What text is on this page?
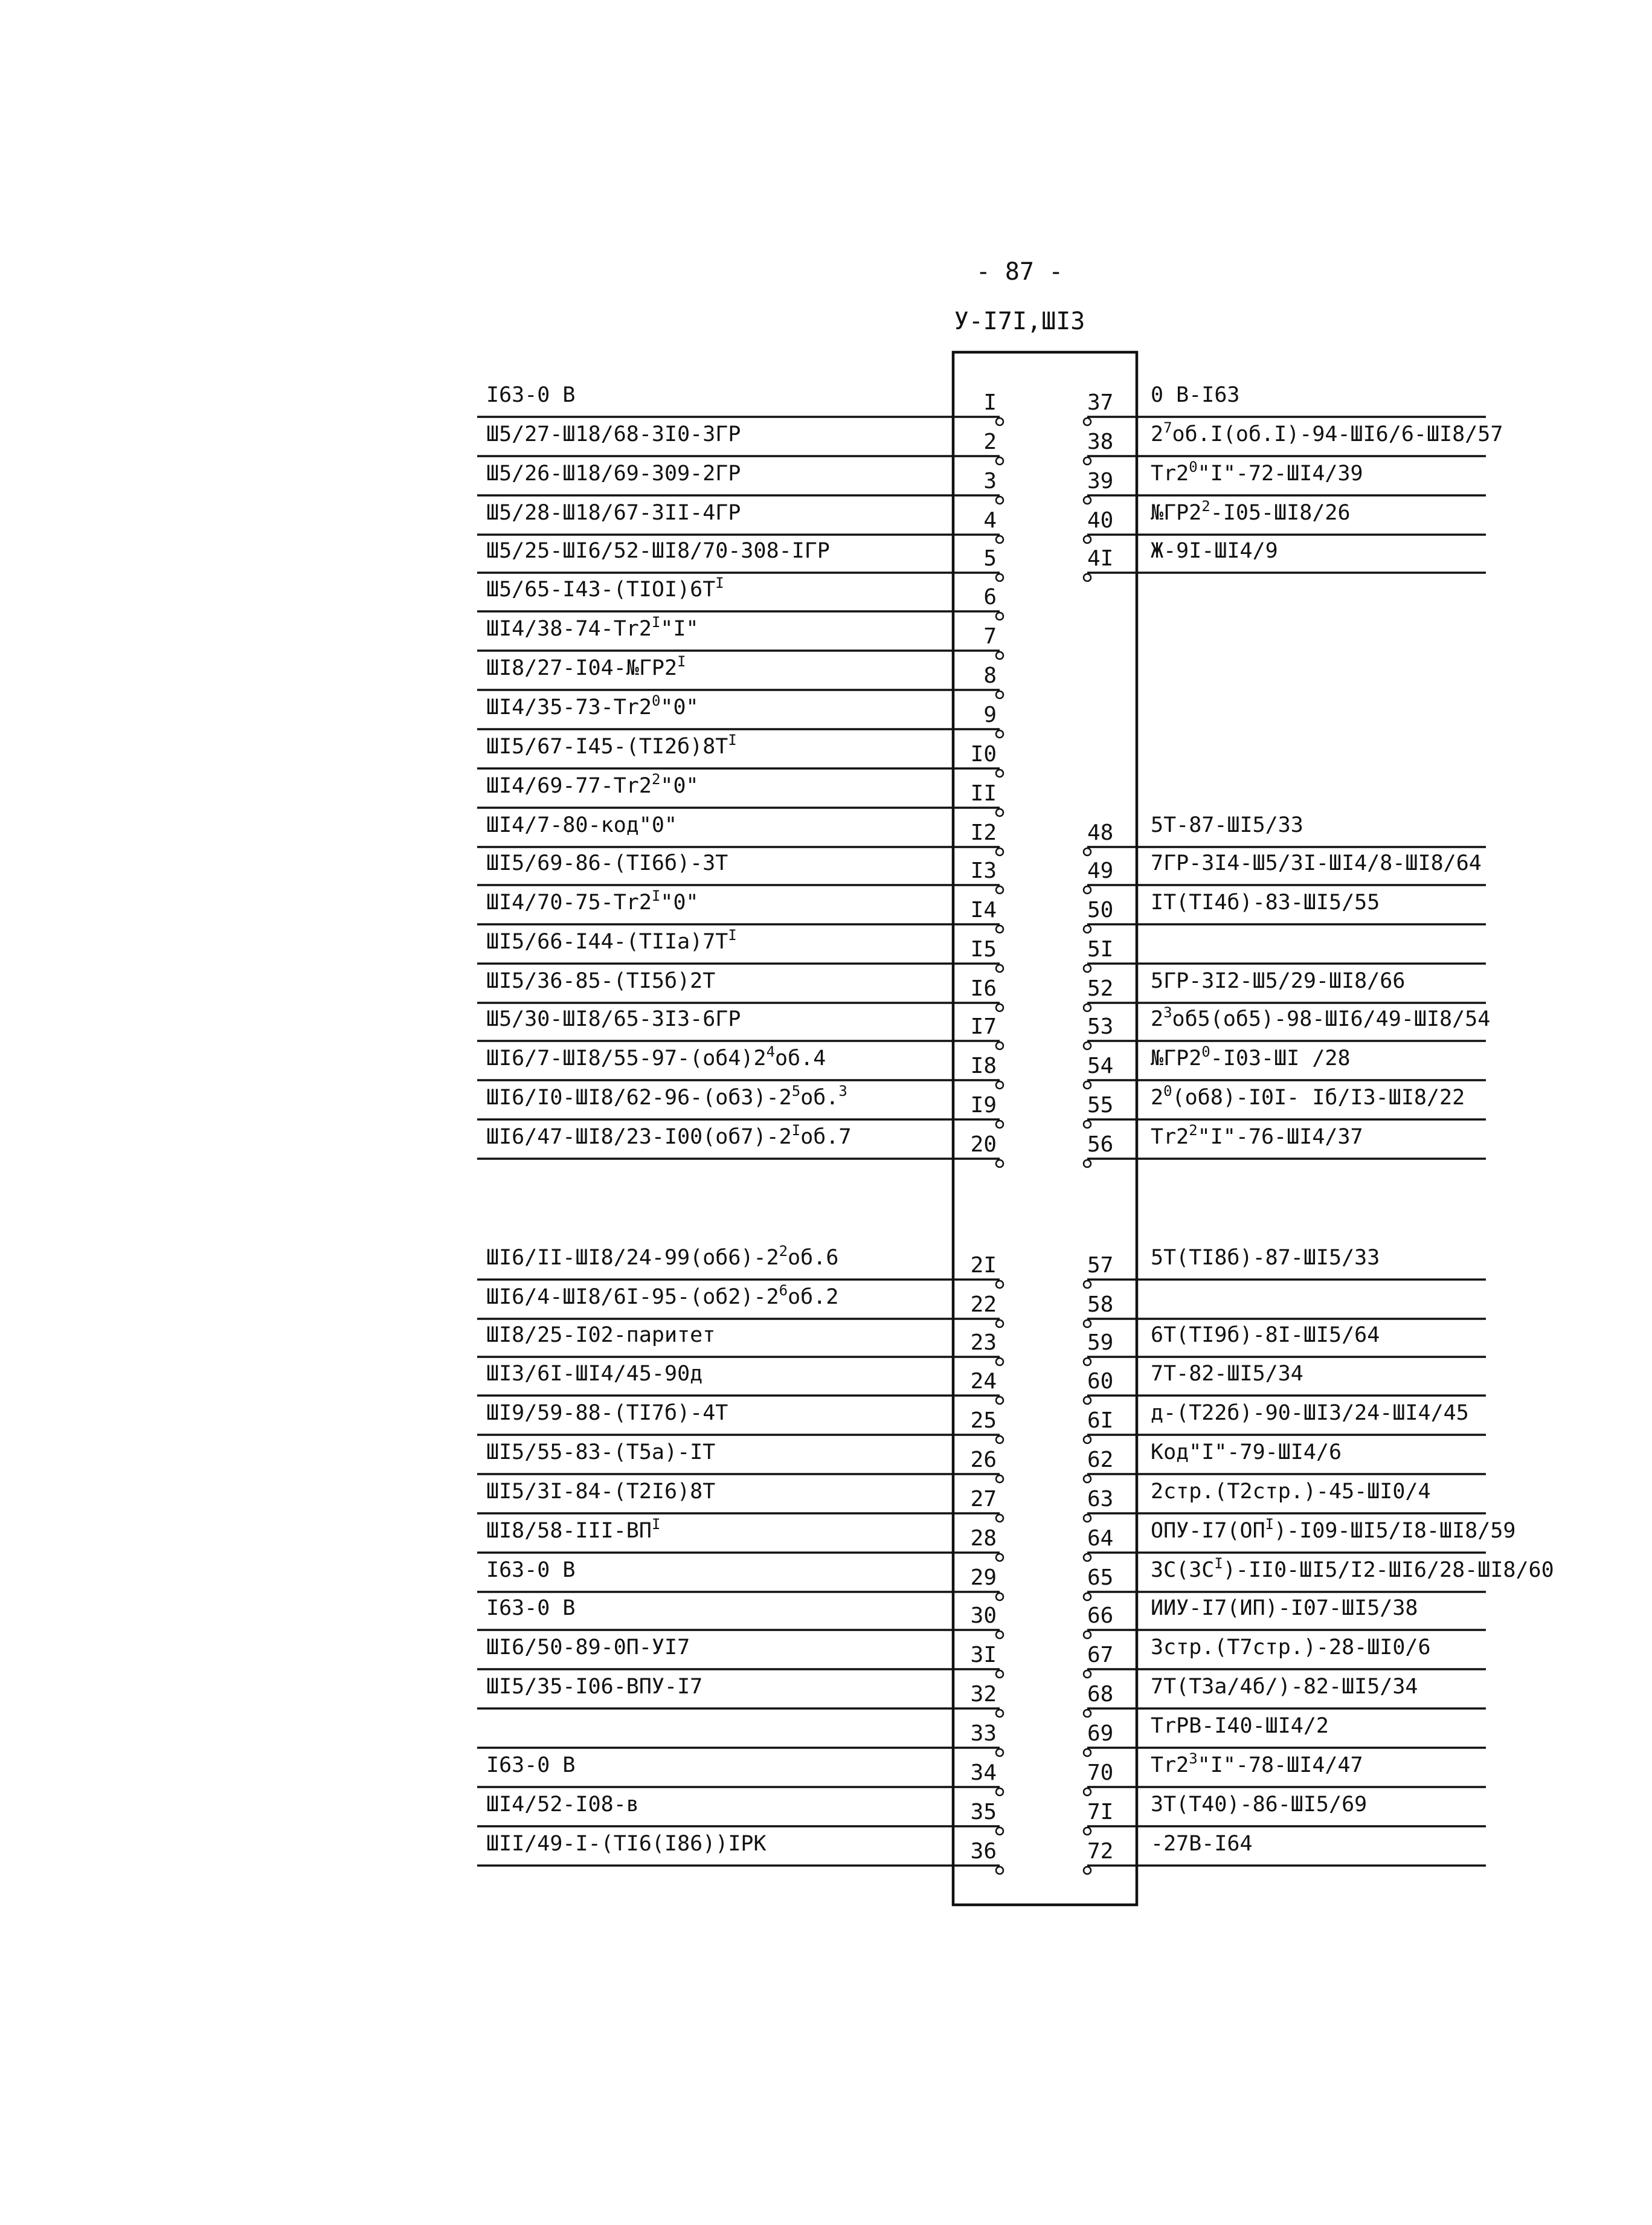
- 87 -
У-I7I,ШI3
I
I63-0 В
2
Ш5/27-Ш18/68-3I0-3ГР
3
Ш5/26-Ш18/69-309-2ГР
4
Ш5/28-Ш18/67-3II-4ГР
5
Ш5/25-ШI6/52-ШI8/70-308-IГР
6
$Ш5/65-I43-(TIOI)6T^I$
7
$ШI4/38-74-Tr2^I"I$"
8
$ШI8/27-I04-№ГР2^I$
9
$ШI4/35-73-Tr2^0"0$"
I0
$ШI5/67-I45-(TI2б)8T^I$
II
$ШI4/69-77-Tr2^2"0$"
I2
ШI4/7-80-код"0"
I3
ШI5/69-86-(TI6б)-3T
I4
$ШI4/70-75-Tr2^I"0$"
I5
$ШI5/66-I44-(TIIa)7T^I$
I6
ШI5/36-85-(TI5б)2T
I7
Ш5/30-ШI8/65-3I3-6ГР
I8
$ШI6/7-ШI8/55-97-(об4)2^4об.4$
I9
$ШI6/I0-ШI8/62-96-(об3)-2^5об.^3$
20
$ШI6/47-ШI8/23-I00(об7)-2^Iоб.7$
2I
$ШI6/II-ШI8/24-99(об6)-2^2об.6$
22
$ШI6/4-ШI8/6I-95-(об2)-2^6об.2$
23
ШI8/25-I02-паритет
24
ШI3/6I-ШI4/45-90д
25
ШI9/59-88-(TI7б)-4T
26
ШI5/55-83-(T5a)-IT
27
ШI5/3I-84-(T2I6)8T
28
$ШI8/58-III-ВП^I$
29
I63-0 В
30
I63-0 В
3I
ШI6/50-89-0П-УI7
32
ШI5/35-I06-ВПУ-I7
33
34
I63-0 В
35
ШI4/52-I08-в
36
ШII/49-I-(TI6(I86))IPK
37 0 В-I63
38 $2^7об.I(об.I)-94-ШI6/6-ШI8/57$
39 $Tr2^0"I"-72-ШI4/39$
40 $№ГР2^2-I05-ШI8/26$
4I Ж-9I-ШI4/9
48 5T-87-ШI5/33
49 7ГР-3I4-Ш5/3I-ШI4/8-ШI8/64
50 IT(TI4б)-83-ШI5/55
5I
52 5ГР-3I2-Ш5/29-ШI8/66
53 $2^3об5(об5)-98-ШI6/49-ШI8/54$
54 $№ГР2^0-I03-ШI$ /28
55 $2^0(об8)-I0I-$ Iб/I3-ШI8/22
56 $Tr2^2"I"-76-ШI4/37$
57 5T(TI8б)-87-ШI5/33
58
59 6T(TI9б)-8I-ШI5/64
60 7T-82-ШI5/34
6I д-(T22б)-90-ШI3/24-ШI4/45
62 Код"I"-79-ШI4/6
63 2стр.(T2стр.)-45-ШI0/4
64 ОПУ-$I7(ОП^I)-I09-ШI5/I8-ШI8/59$
65 $3С(3С^I)-II0-ШI5/I2-ШI6/28-ШI8/60$
66 ИИУ-I7(ИП)-I07-ШI5/38
67 3стр.(T7стр.)-28-ШI0/6
68 7T(T3а/4б/)-82-ШI5/34
69 TrPB-I40-ШI4/2
70 $Tr2^3"I"-78-ШI4/47$
7I 3T(T40)-86-ШI5/69
72 -27B-I64
